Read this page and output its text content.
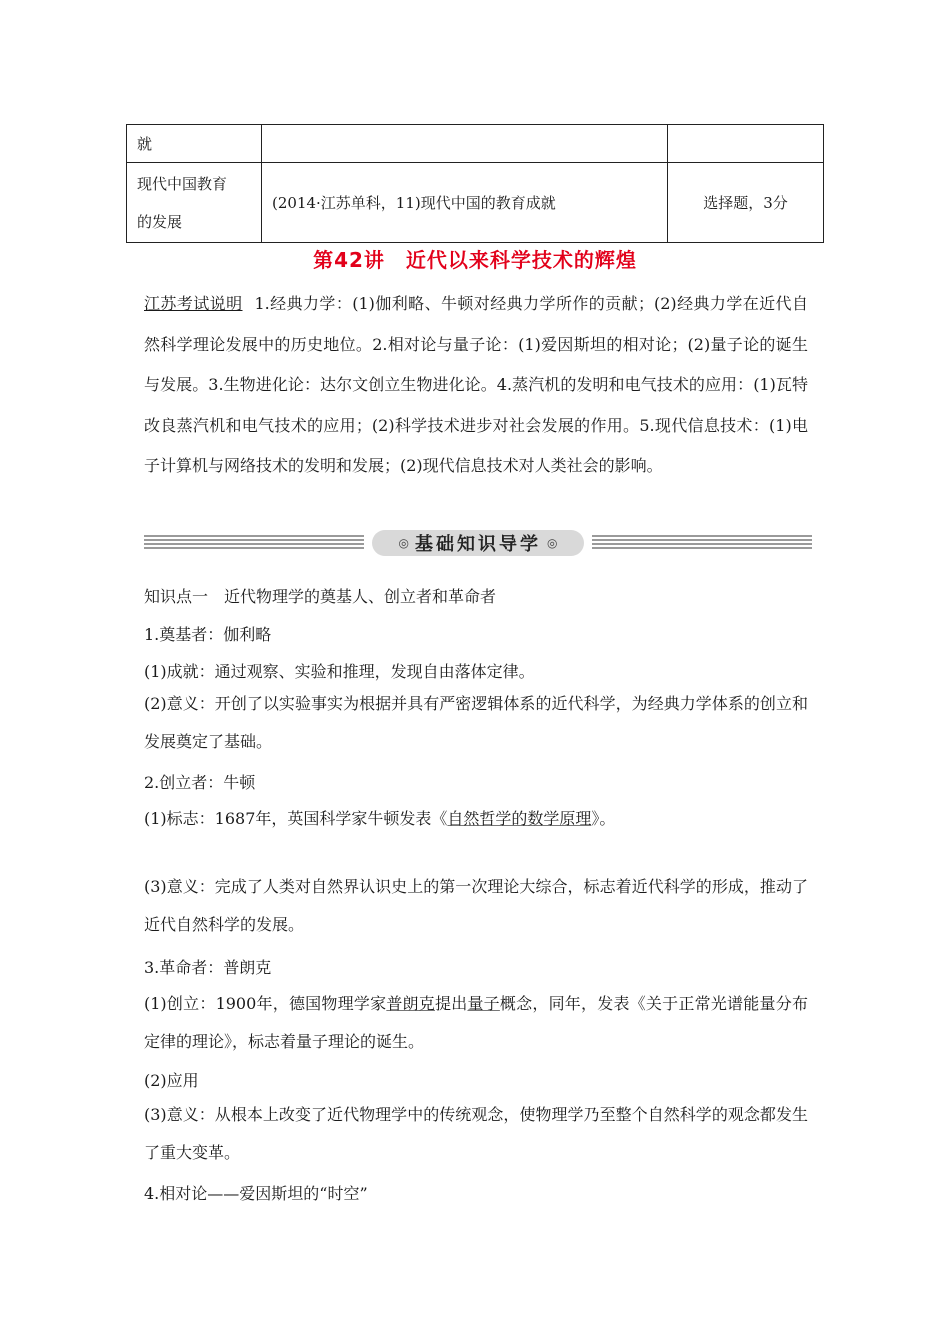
就		

现代中国教育
的发展	(2014·江苏单科，11)现代中国的教育成就	选择题，3分
第42讲　近代以来科学技术的辉煌
江苏考试说明 1.经典力学：(1)伽利略、牛顿对经典力学所作的贡献；(2)经典力学在近代自然科学理论发展中的历史地位。2.相对论与量子论：(1)爱因斯坦的相对论；(2)量子论的诞生与发展。3.生物进化论：达尔文创立生物进化论。4.蒸汽机的发明和电气技术的应用：(1)瓦特改良蒸汽机和电气技术的应用；(2)科学技术进步对社会发展的作用。5.现代信息技术：(1)电子计算机与网络技术的发明和发展；(2)现代信息技术对人类社会的影响。
◎ 基础知识导学 ◎
知识点一　近代物理学的奠基人、创立者和革命者
1.奠基者：伽利略
(1)成就：通过观察、实验和推理，发现自由落体定律。
(2)意义：开创了以实验事实为根据并具有严密逻辑体系的近代科学，为经典力学体系的创立和发展奠定了基础。
2.创立者：牛顿
(1)标志：1687年，英国科学家牛顿发表《自然哲学的数学原理》。
(3)意义：完成了人类对自然界认识史上的第一次理论大综合，标志着近代科学的形成，推动了近代自然科学的发展。
3.革命者：普朗克
(1)创立：1900年，德国物理学家普朗克提出量子概念，同年，发表《关于正常光谱能量分布定律的理论》，标志着量子理论的诞生。
(2)应用
(3)意义：从根本上改变了近代物理学中的传统观念，使物理学乃至整个自然科学的观念都发生了重大变革。
4.相对论——爱因斯坦的“时空”
